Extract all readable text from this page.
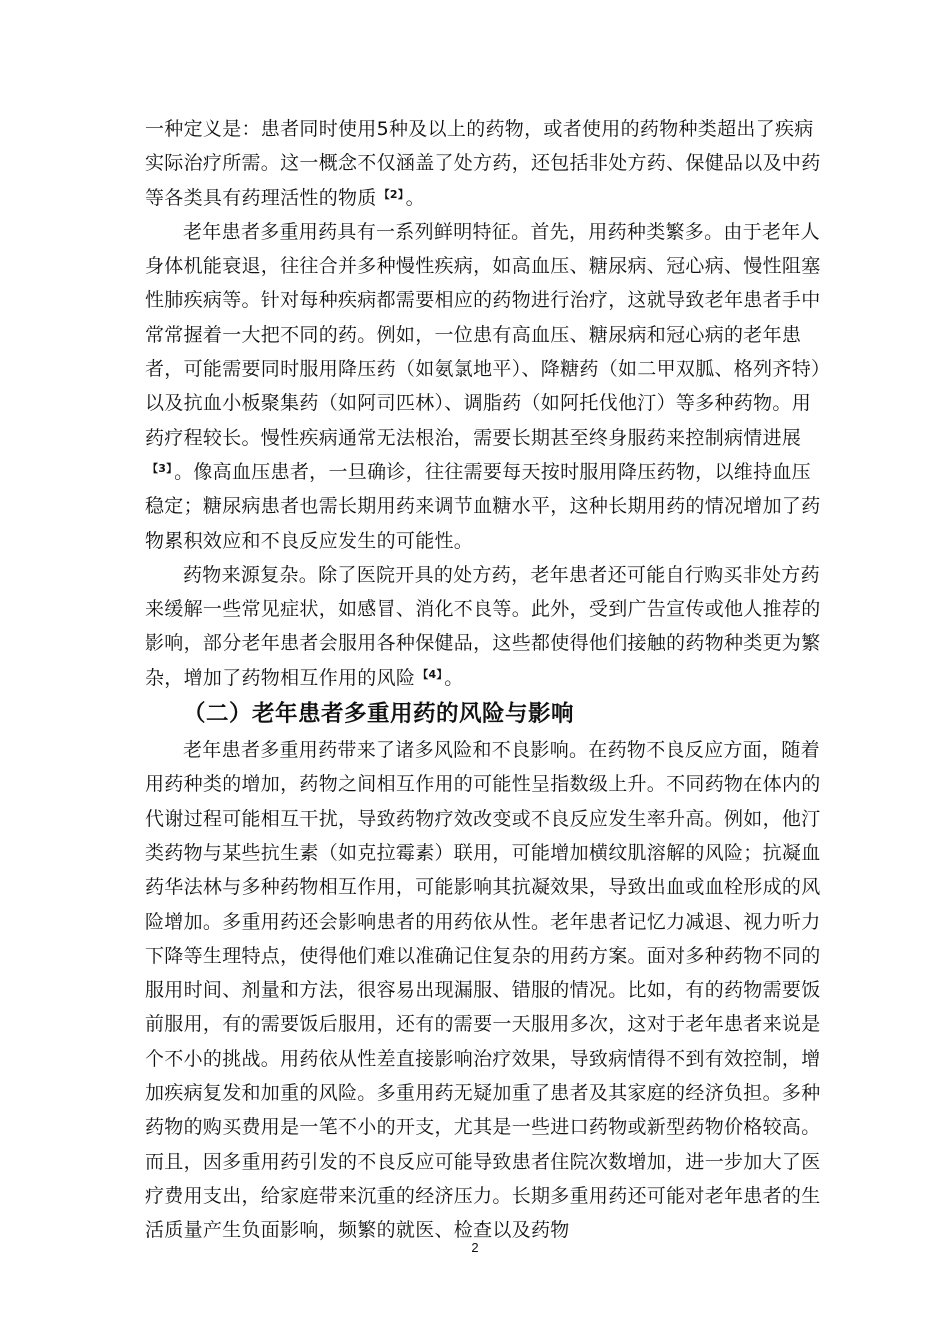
一种定义是：患者同时使用5种及以上的药物，或者使用的药物种类超出了疾病实际治疗所需。这一概念不仅涵盖了处方药，还包括非处方药、保健品以及中药等各类具有药理活性的物质 $^{【2】}$ 。

老年患者多重用药具有一系列鲜明特征。首先，用药种类繁多。由于老年人身体机能衰退，往往合并多种慢性疾病，如高血压、糖尿病、冠心病、慢性阻塞性肺疾病等。针对每种疾病都需要相应的药物进行治疗，这就导致老年患者手中常常握着一大把不同的药。例如，一位患有高血压、糖尿病和冠心病的老年患者，可能需要同时服用降压药（如氨氯地平）、降糖药（如二甲双胍、格列齐特）以及抗血小板聚集药（如阿司匹林）、调脂药（如阿托伐他汀）等多种药物。用药疗程较长。慢性疾病通常无法根治，需要长期甚至终身服药来控制病情进展$^{【3】}$ 。像高血压患者，一旦确诊，往往需要每天按时服用降压药物，以维持血压稳定；糖尿病患者也需长期用药来调节血糖水平，这种长期用药的情况增加了药物累积效应和不良反应发生的可能性。

药物来源复杂。除了医院开具的处方药，老年患者还可能自行购买非处方药来缓解一些常见症状，如感冒、消化不良等。此外，受到广告宣传或他人推荐的影响，部分老年患者会服用各种保健品，这些都使得他们接触的药物种类更为繁杂，增加了药物相互作用的风险 $^{【4】}$ 。

（二）老年患者多重用药的风险与影响

老年患者多重用药带来了诸多风险和不良影响。在药物不良反应方面，随着用药种类的增加，药物之间相互作用的可能性呈指数级上升。不同药物在体内的代谢过程可能相互干扰，导致药物疗效改变或不良反应发生率升高。例如，他汀类药物与某些抗生素（如克拉霉素）联用，可能增加横纹肌溶解的风险；抗凝血药华法林与多种药物相互作用，可能影响其抗凝效果，导致出血或血栓形成的风险增加。多重用药还会影响患者的用药依从性。老年患者记忆力减退、视力听力下降等生理特点，使得他们难以准确记住复杂的用药方案。面对多种药物不同的服用时间、剂量和方法，很容易出现漏服、错服的情况。比如，有的药物需要饭前服用，有的需要饭后服用，还有的需要一天服用多次，这对于老年患者来说是个不小的挑战。用药依从性差直接影响治疗效果，导致病情得不到有效控制，增加疾病复发和加重的风险。多重用药无疑加重了患者及其家庭的经济负担。多种药物的购买费用是一笔不小的开支，尤其是一些进口药物或新型药物价格较高。而且，因多重用药引发的不良反应可能导致患者住院次数增加，进一步加大了医疗费用支出，给家庭带来沉重的经济压力。长期多重用药还可能对老年患者的生活质量产生负面影响，频繁的就医、检查以及药物

2
